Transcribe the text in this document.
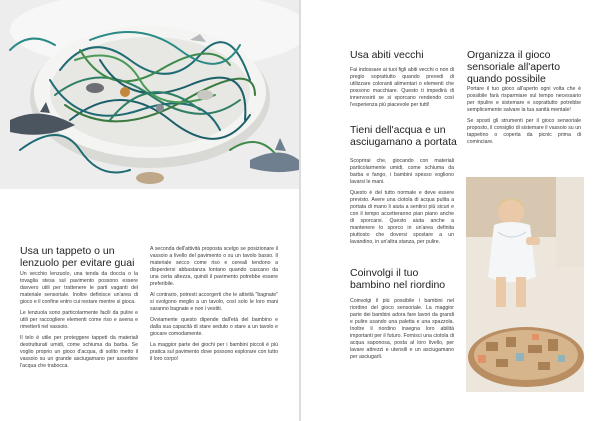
Usa un tappeto o un lenzuolo per evitare guai

Un vecchio lenzuolo, una tenda da doccia o la tovaglia stesa sul pavimento possono essere davvero utili per trattenere le parti vaganti del materiale sensoriale. Inoltre definisce un'area di gioco e il confine entro cui restare mentre si gioca.

Le lenzuola sono particolarmente facili da pulire e utili per raccogliere elementi come riso e avena e rimetterli nel vassoio.

Il telo è utile per proteggere tappeti da materiali destrutturati umidi, come schiuma da barba. Se voglio proprio un gioco d'acqua, di solito metto il vassoio su un grande asciugamano per assorbire l'acqua che trabocca.

A seconda dell'attività proposta scelgo se posizionare il vassoio a livello del pavimento o su un tavolo basso. Il materiale secco come riso e cereali tendono a disperdersi abbastanza lontano quando cascano da una certa altezza, quindi il pavimento potrebbe essere preferibile.

Al contrario, potresti accorgerti che le attività "bagnate" si svolgono meglio a un tavolo, così solo le loro mani saranno bagnate e non i vestiti.

Ovviamente questo dipende dall'età del bambino e dalla sua capacità di stare seduto o stare a un tavolo e giocare comodamente.

La maggior parte dei giochi per i bambini piccoli è più pratica sul pavimento dove possono esplorare con tutto il loro corpo!

·
Usa abiti vecchi

Fai indossare ai tuoi figli abiti vecchi o non di pregio soprattutto quando prevedi di utilizzare coloranti alimentari o elementi che possono macchiare. Questo ti impedirà di innervosirti se si sporcano rendendo così l'esperienza più piacevole per tutti!

Tieni dell'acqua e un asciugamano a portata

Scoprirai che, giocando con materiali particolarmente umidi, come schiuma da barba e fango, i bambini spesso vogliono lavarsi le mani.

Questo è del tutto normale e deve essere previsto. Avere una ciotola di acqua pulita a portata di mano li aiuta a sentirsi più sicuri e con il tempo accetteranno pian piano anche di sporcarsi. Questo aiuta anche a mantenere lo sporco in un'area definita piuttosto che doversi spostare a un lavandino, in un'altra stanza, per pulire.

Coinvolgi il tuo bambino nel riordino

Coinvolgi il più possibile i bambini nel riordino del gioco sensoriale. La maggior parte dei bambini adora fare lavori da grandi e pulire usando una paletta e una spazzola. Inoltre il riordino insegna loro abilità importanti per il futuro. Fornisci una ciotola di acqua saponosa, posta al loro livello, per lavare attrezzi e utensili e un asciugamano per asciugarli.

Organizza il gioco sensoriale all'aperto quando possibile

Portare il tuo gioco all'aperto ogni volta che è possibile farà risparmiare sul tempo necessario per ripulire e sistemare e soprattutto potrebbe semplicemente salvare la tua sanità mentale!

Se sposti gli strumenti per il gioco sensoriale proposto, il consiglio di sistemare il vassoio su un tappetino o coperta da picnic prima di cominciare.

·
